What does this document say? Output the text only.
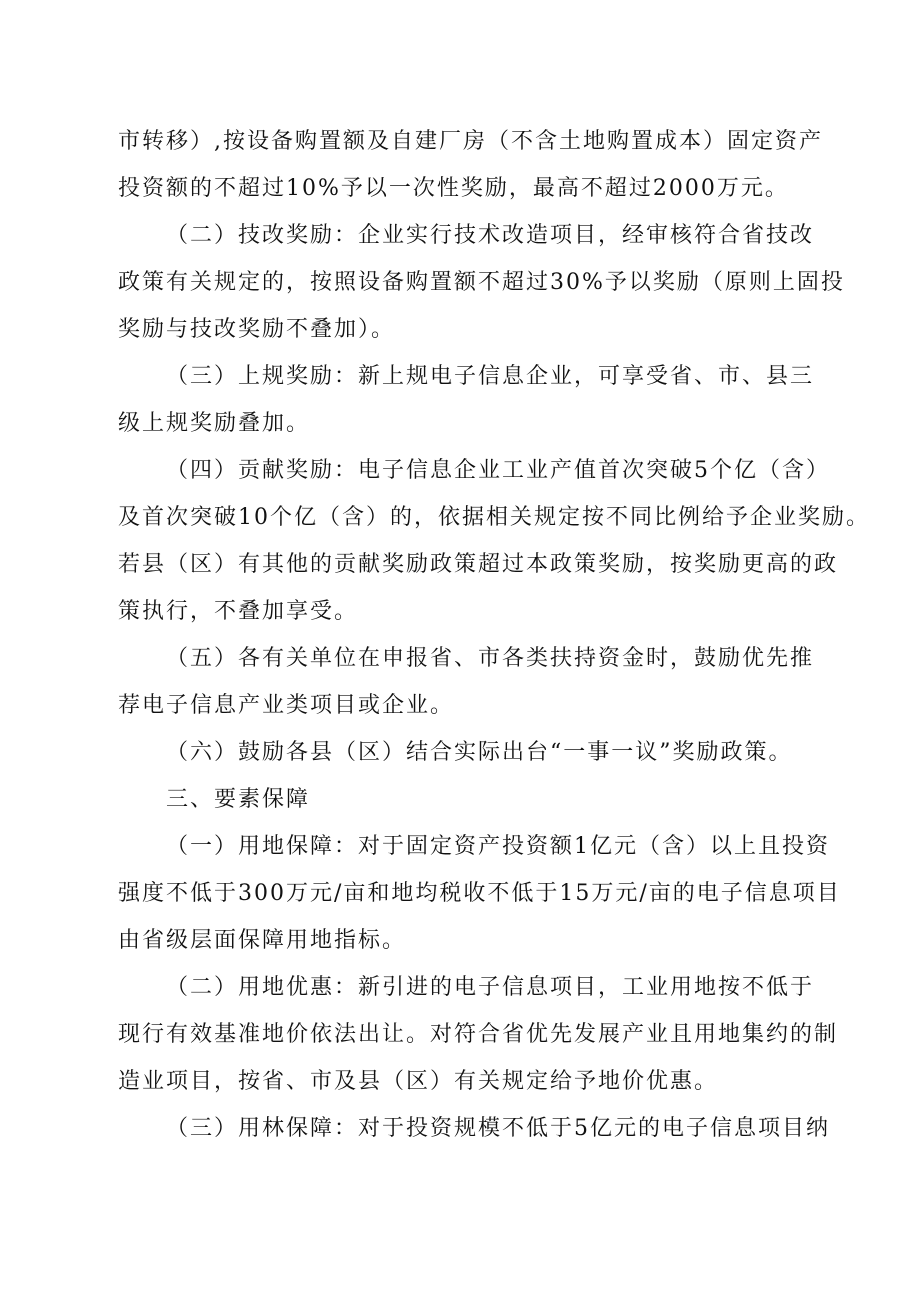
市转移）,按设备购置额及自建厂房（不含土地购置成本）固定资产
投资额的不超过10%予以一次性奖励，最高不超过2000万元。

（二）技改奖励：企业实行技术改造项目，经审核符合省技改
政策有关规定的，按照设备购置额不超过30%予以奖励（原则上固投
奖励与技改奖励不叠加）。

（三）上规奖励：新上规电子信息企业，可享受省、市、县三
级上规奖励叠加。

（四）贡献奖励：电子信息企业工业产值首次突破5个亿（含）
及首次突破10个亿（含）的，依据相关规定按不同比例给予企业奖励。
若县（区）有其他的贡献奖励政策超过本政策奖励，按奖励更高的政
策执行，不叠加享受。

（五）各有关单位在申报省、市各类扶持资金时，鼓励优先推
荐电子信息产业类项目或企业。

（六）鼓励各县（区）结合实际出台“一事一议”奖励政策。

三、要素保障

（一）用地保障：对于固定资产投资额1亿元（含）以上且投资
强度不低于300万元/亩和地均税收不低于15万元/亩的电子信息项目
由省级层面保障用地指标。

（二）用地优惠：新引进的电子信息项目，工业用地按不低于
现行有效基准地价依法出让。对符合省优先发展产业且用地集约的制
造业项目，按省、市及县（区）有关规定给予地价优惠。

（三）用林保障：对于投资规模不低于5亿元的电子信息项目纳
